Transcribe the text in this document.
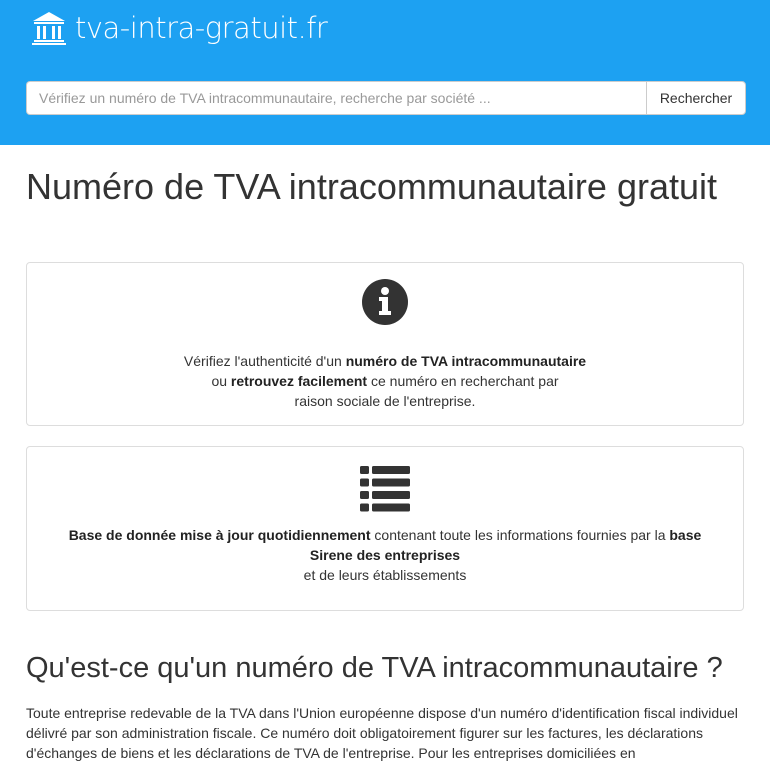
tva-intra-gratuit.fr
Vérifiez un numéro de TVA intracommunautaire, recherche par société ...
Rechercher
Numéro de TVA intracommunautaire gratuit
Vérifiez l'authenticité d'un numéro de TVA intracommunautaire
ou retrouvez facilement ce numéro en recherchant par
raison sociale de l'entreprise.
Base de donnée mise à jour quotidiennement contenant toute les informations fournies par la base Sirene des entreprises
et de leurs établissements
Qu'est-ce qu'un numéro de TVA intracommunautaire ?

Toute entreprise redevable de la TVA dans l'Union européenne dispose d'un numéro d'identification fiscal individuel délivré par son administration fiscale. Ce numéro doit obligatoirement figurer sur les factures, les déclarations d'échanges de biens et les déclarations de TVA de l'entreprise. Pour les entreprises domiciliées en
